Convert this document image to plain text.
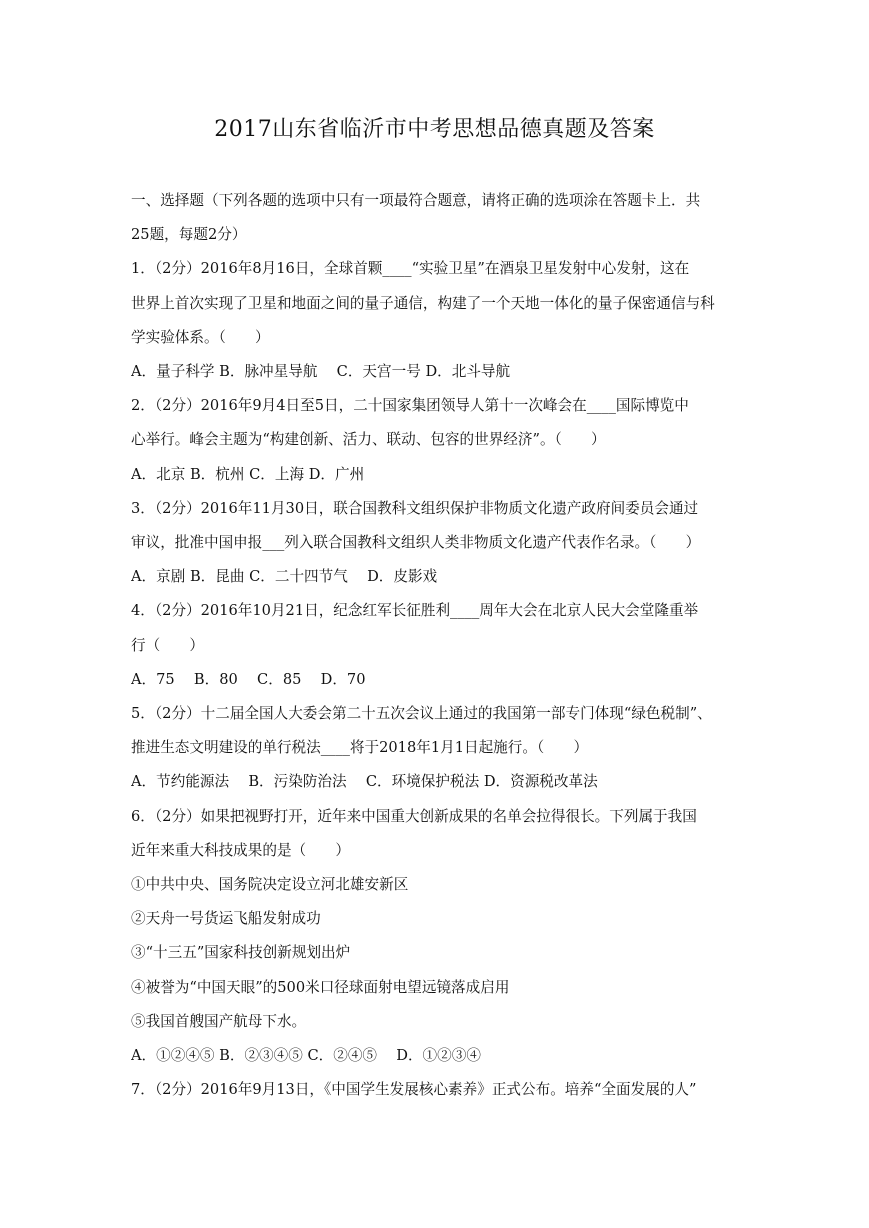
2017山东省临沂市中考思想品德真题及答案
一、选择题（下列各题的选项中只有一项最符合题意，请将正确的选项涂在答题卡上．共
25题，每题2分）
1．（2分）2016年8月16日，全球首颗____“实验卫星”在酒泉卫星发射中心发射，这在
世界上首次实现了卫星和地面之间的量子通信，构建了一个天地一体化的量子保密通信与科
学实验体系。（　　）
A．量子科学 B．脉冲星导航　 C．天宫一号 D．北斗导航
2．（2分）2016年9月4日至5日，二十国家集团领导人第十一次峰会在____国际博览中
心举行。峰会主题为“构建创新、活力、联动、包容的世界经济”。（　　）
A．北京 B．杭州 C．上海 D．广州
3．（2分）2016年11月30日，联合国教科文组织保护非物质文化遗产政府间委员会通过
审议，批准中国申报___列入联合国教科文组织人类非物质文化遗产代表作名录。（　　）
A．京剧 B．昆曲 C．二十四节气　 D．皮影戏
4．（2分）2016年10月21日，纪念红军长征胜利____周年大会在北京人民大会堂隆重举
行（　　）
A．75　 B．80　 C．85　 D．70
5．（2分）十二届全国人大委会第二十五次会议上通过的我国第一部专门体现“绿色税制”、
推进生态文明建设的单行税法____将于2018年1月1日起施行。（　　）
A．节约能源法　 B．污染防治法　 C．环境保护税法 D．资源税改革法
6．（2分）如果把视野打开，近年来中国重大创新成果的名单会拉得很长。下列属于我国
近年来重大科技成果的是（　　）
①中共中央、国务院决定设立河北雄安新区
②天舟一号货运飞船发射成功
③“十三五”国家科技创新规划出炉
④被誉为“中国天眼”的500米口径球面射电望远镜落成启用
⑤我国首艘国产航母下水。
A．①②④⑤ B．②③④⑤ C．②④⑤　 D．①②③④
7．（2分）2016年9月13日，《中国学生发展核心素养》正式公布。培养“全面发展的人”
